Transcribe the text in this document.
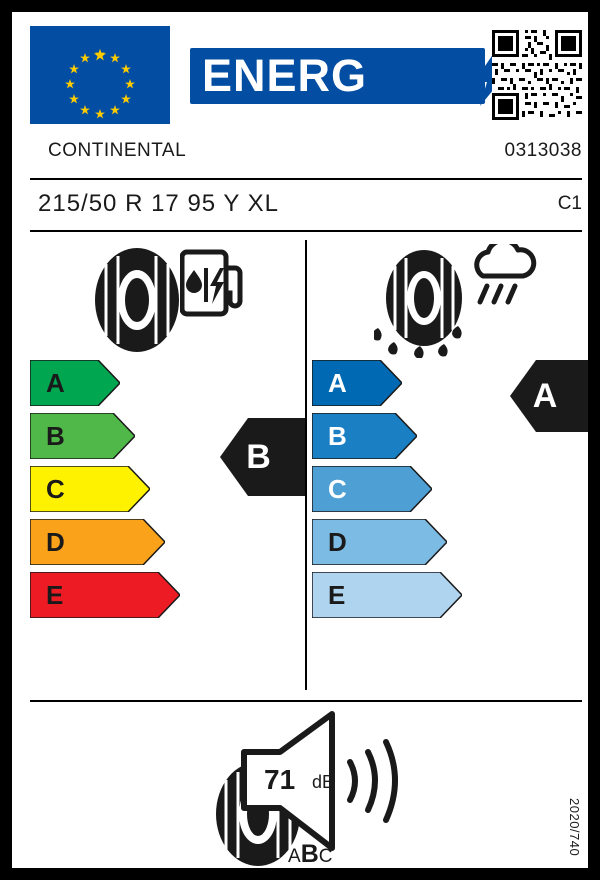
ENERG
CONTINENTAL	0313038
215/50 R 17 95 Y XL	C1
A
B
C
D
E
B
A
B
C
D
E
A
71 dB
ABC
2020/740
